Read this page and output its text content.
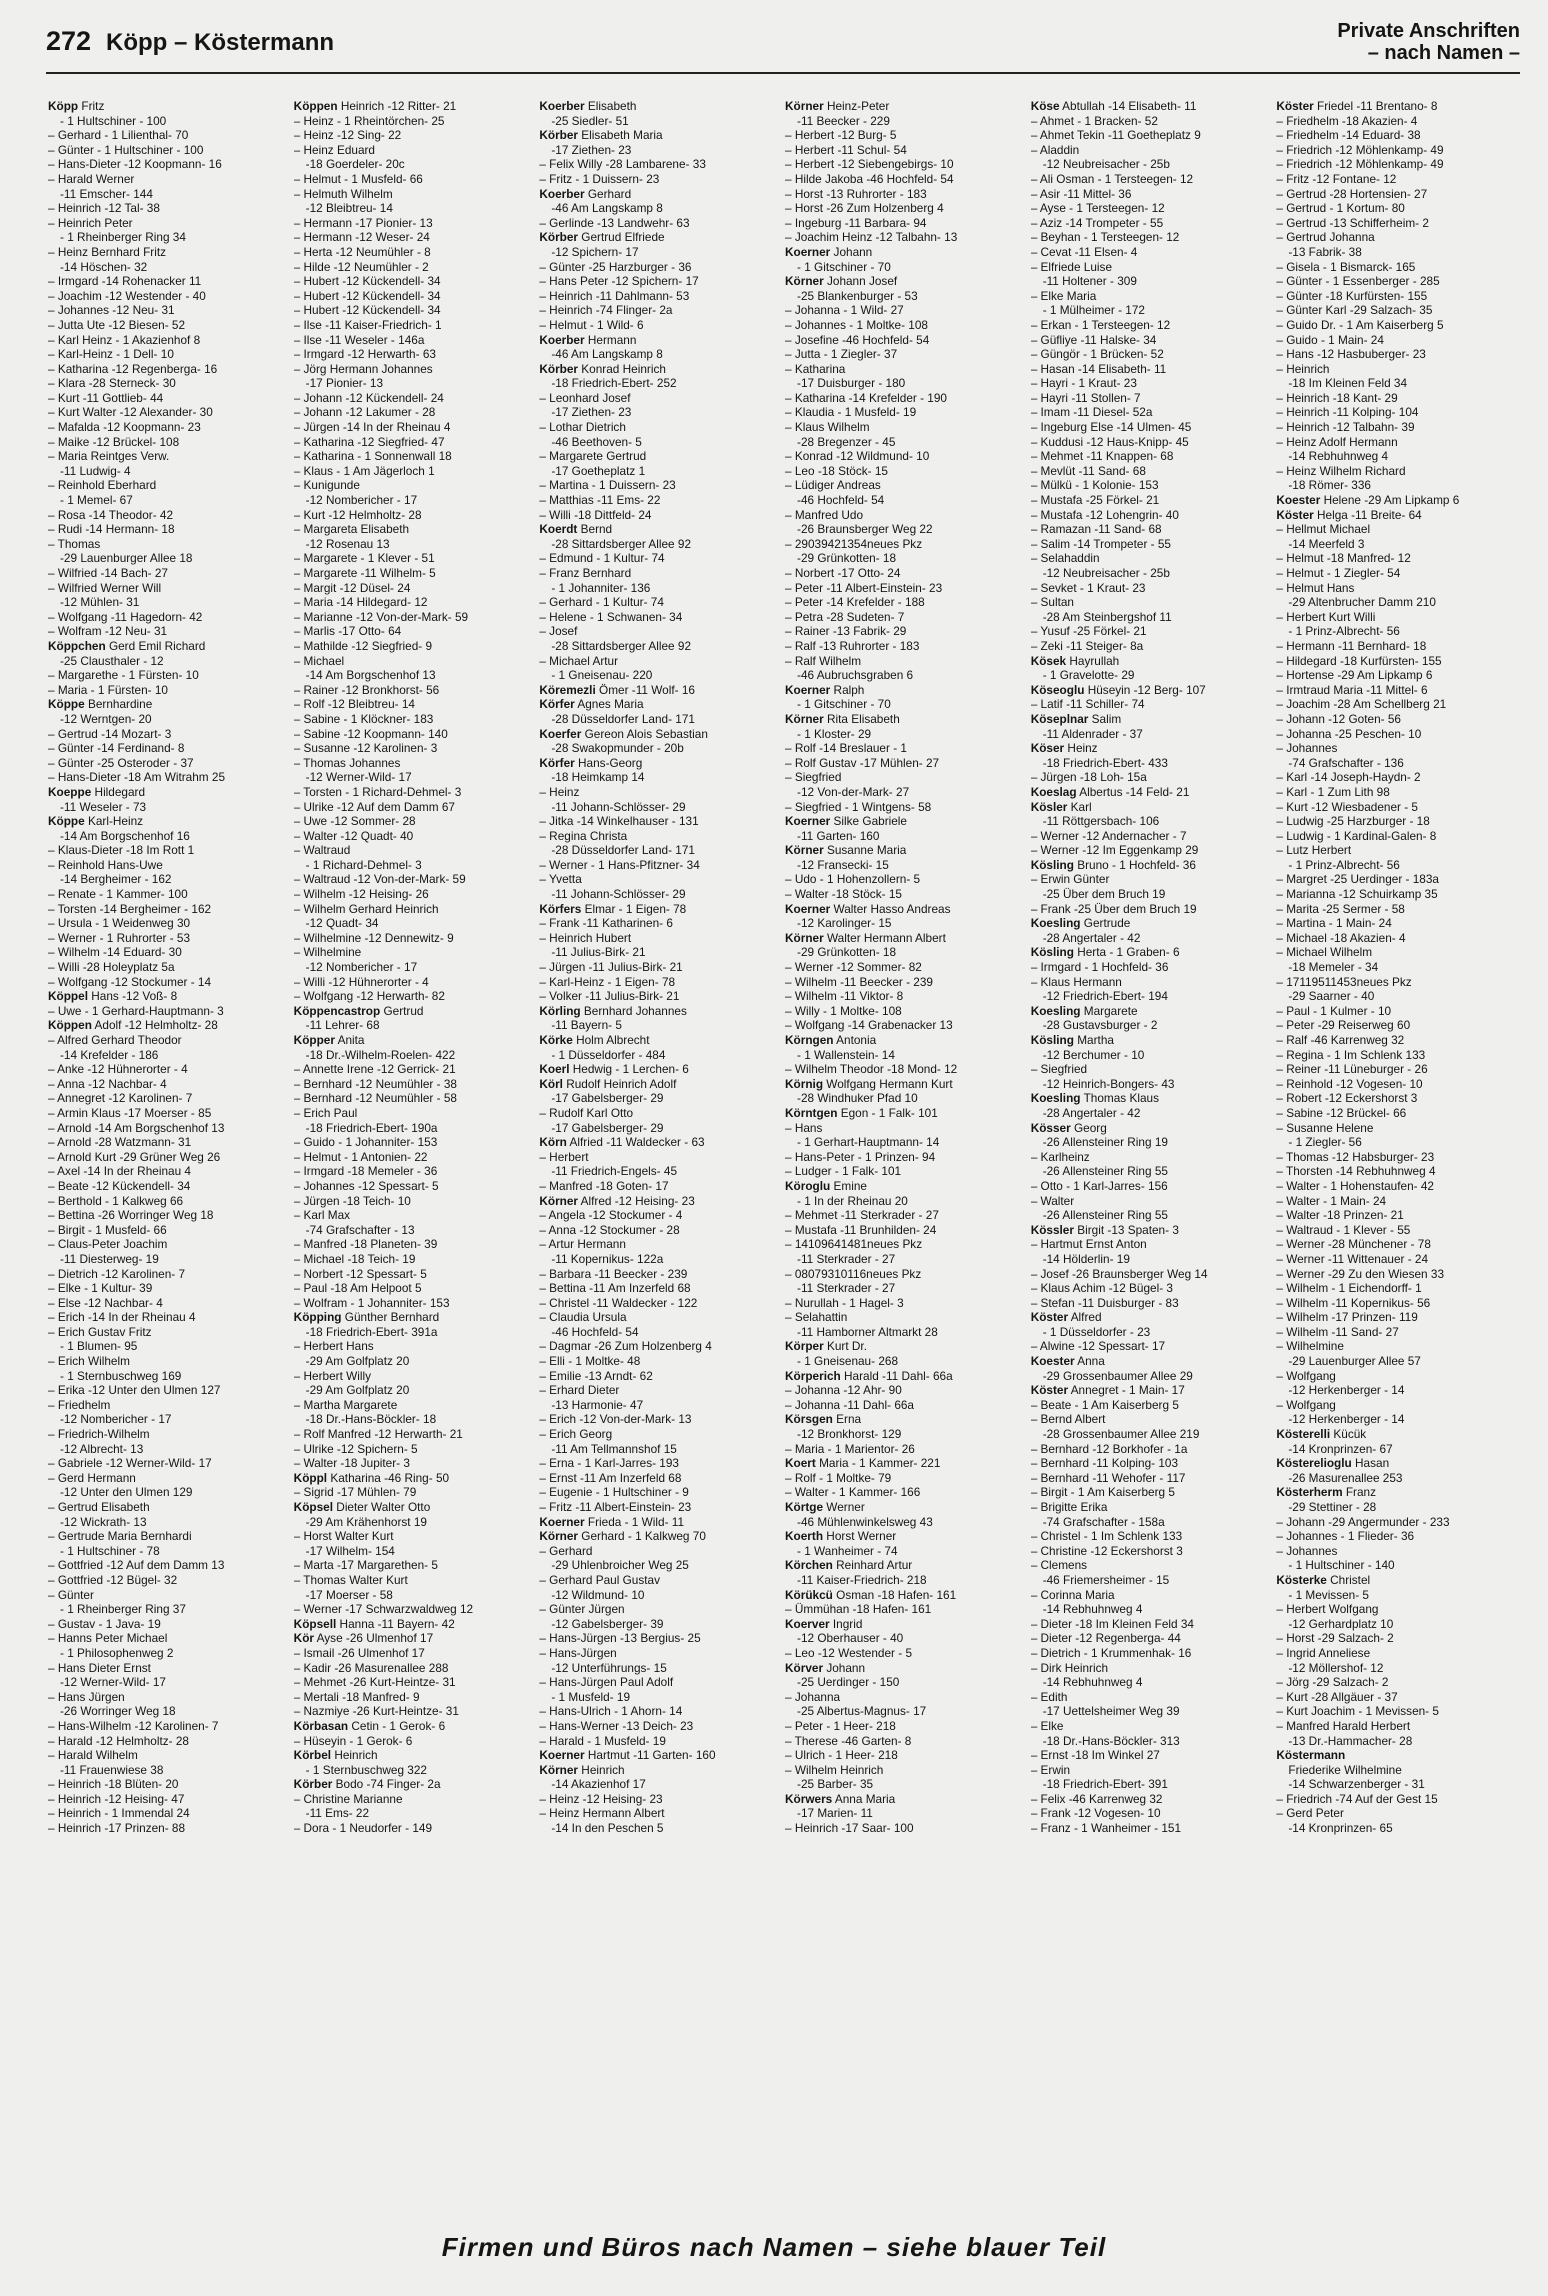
272 Köpp – Köstermann	Private Anschriften
– nach Namen –
Köpp Fritz
- 1 Hultschiner - 100
– Gerhard - 1 Lilienthal- 70
– Günter - 1 Hultschiner - 100
– Hans-Dieter -12 Koopmann- 16
– Harald Werner
-11 Emscher- 144
– Heinrich -12 Tal- 38
– Heinrich Peter
- 1 Rheinberger Ring 34
– Heinz Bernhard Fritz
-14 Höschen- 32
– Irmgard -14 Rohenacker 11
– Joachim -12 Westender - 40
– Johannes -12 Neu- 31
– Jutta Ute -12 Biesen- 52
– Karl Heinz - 1 Akazienhof 8
– Karl-Heinz - 1 Dell- 10
– Katharina -12 Regenberga- 16
– Klara -28 Sterneck- 30
– Kurt -11 Gottlieb- 44
– Kurt Walter -12 Alexander- 30
– Mafalda -12 Koopmann- 23
– Maike -12 Brückel- 108
– Maria Reintges Verw.
-11 Ludwig- 4
– Reinhold Eberhard
- 1 Memel- 67
– Rosa -14 Theodor- 42
– Rudi -14 Hermann- 18
– Thomas
-29 Lauenburger Allee 18
– Wilfried -14 Bach- 27
– Wilfried Werner Will
-12 Mühlen- 31
– Wolfgang -11 Hagedorn- 42
– Wolfram -12 Neu- 31
Köppchen Gerd Emil Richard
-25 Clausthaler - 12
– Margarethe - 1 Fürsten- 10
– Maria - 1 Fürsten- 10
Köppe Bernhardine
-12 Werntgen- 20
– Gertrud -14 Mozart- 3
– Günter -14 Ferdinand- 8
– Günter -25 Osteroder - 37
– Hans-Dieter -18 Am Witrahm 25
Koeppe Hildegard
-11 Weseler - 73
Köppe Karl-Heinz
-14 Am Borgschenhof 16
– Klaus-Dieter -18 Im Rott 1
– Reinhold Hans-Uwe
-14 Bergheimer - 162
– Renate - 1 Kammer- 100
– Torsten -14 Bergheimer - 162
– Ursula - 1 Weidenweg 30
– Werner - 1 Ruhrorter - 53
– Wilhelm -14 Eduard- 30
– Willi -28 Holeyplatz 5a
– Wolfgang -12 Stockumer - 14
Köppel Hans -12 Voß- 8
– Uwe - 1 Gerhard-Hauptmann- 3
Köppen Adolf -12 Helmholtz- 28
– Alfred Gerhard Theodor
-14 Krefelder - 186
– Anke -12 Hühnerorter - 4
– Anna -12 Nachbar- 4
– Annegret -12 Karolinen- 7
– Armin Klaus -17 Moerser - 85
– Arnold -14 Am Borgschenhof 13
– Arnold -28 Watzmann- 31
– Arnold Kurt -29 Grüner Weg 26
– Axel -14 In der Rheinau 4
– Beate -12 Kückendell- 34
– Berthold - 1 Kalkweg 66
– Bettina -26 Worringer Weg 18
– Birgit - 1 Musfeld- 66
– Claus-Peter Joachim
-11 Diesterweg- 19
– Dietrich -12 Karolinen- 7
– Elke - 1 Kultur- 39
– Else -12 Nachbar- 4
– Erich -14 In der Rheinau 4
– Erich Gustav Fritz
- 1 Blumen- 95
– Erich Wilhelm
- 1 Sternbuschweg 169
– Erika -12 Unter den Ulmen 127
– Friedhelm
-12 Nombericher - 17
– Friedrich-Wilhelm
-12 Albrecht- 13
– Gabriele -12 Werner-Wild- 17
– Gerd Hermann
-12 Unter den Ulmen 129
– Gertrud Elisabeth
-12 Wickrath- 13
– Gertrude Maria Bernhardi
- 1 Hultschiner - 78
– Gottfried -12 Auf dem Damm 13
– Gottfried -12 Bügel- 32
– Günter
- 1 Rheinberger Ring 37
– Gustav - 1 Java- 19
– Hanns Peter Michael
- 1 Philosophenweg 2
– Hans Dieter Ernst
-12 Werner-Wild- 17
– Hans Jürgen
-26 Worringer Weg 18
– Hans-Wilhelm -12 Karolinen- 7
– Harald -12 Helmholtz- 28
– Harald Wilhelm
-11 Frauenwiese 38
– Heinrich -18 Blüten- 20
– Heinrich -12 Heising- 47
– Heinrich - 1 Immendal 24
– Heinrich -17 Prinzen- 88
Köppen Heinrich -12 Ritter- 21
– Heinz - 1 Rheintörchen- 25
– Heinz -12 Sing- 22
– Heinz Eduard
-18 Goerdeler- 20c
– Helmut - 1 Musfeld- 66
– Helmuth Wilhelm
-12 Bleibtreu- 14
– Hermann -17 Pionier- 13
– Hermann -12 Weser- 24
– Herta -12 Neumühler - 8
– Hilde -12 Neumühler - 2
– Hubert -12 Kückendell- 34
– Hubert -12 Kückendell- 34
– Hubert -12 Kückendell- 34
– Ilse -11 Kaiser-Friedrich- 1
– Ilse -11 Weseler - 146a
– Irmgard -12 Herwarth- 63
– Jörg Hermann Johannes
-17 Pionier- 13
– Johann -12 Kückendell- 24
– Johann -12 Lakumer - 28
– Jürgen -14 In der Rheinau 4
– Katharina -12 Siegfried- 47
– Katharina - 1 Sonnenwall 18
– Klaus - 1 Am Jägerloch 1
– Kunigunde
-12 Nombericher - 17
– Kurt -12 Helmholtz- 28
– Margareta Elisabeth
-12 Rosenau 13
– Margarete - 1 Klever - 51
– Margarete -11 Wilhelm- 5
– Margit -12 Düsel- 24
– Maria -14 Hildegard- 12
– Marianne -12 Von-der-Mark- 59
– Marlis -17 Otto- 64
– Mathilde -12 Siegfried- 9
– Michael
-14 Am Borgschenhof 13
– Rainer -12 Bronkhorst- 56
– Rolf -12 Bleibtreu- 14
– Sabine - 1 Klöckner- 183
– Sabine -12 Koopmann- 140
– Susanne -12 Karolinen- 3
– Thomas Johannes
-12 Werner-Wild- 17
– Torsten - 1 Richard-Dehmel- 3
– Ulrike -12 Auf dem Damm 67
– Uwe -12 Sommer- 28
– Walter -12 Quadt- 40
– Waltraud
- 1 Richard-Dehmel- 3
– Waltraud -12 Von-der-Mark- 59
– Wilhelm -12 Heising- 26
– Wilhelm Gerhard Heinrich
-12 Quadt- 34
– Wilhelmine -12 Dennewitz- 9
– Wilhelmine
-12 Nombericher - 17
– Willi -12 Hühnerorter - 4
– Wolfgang -12 Herwarth- 82
Köppencastrop Gertrud
-11 Lehrer- 68
Köpper Anita
-18 Dr.-Wilhelm-Roelen- 422
– Annette Irene -12 Gerrick- 21
– Bernhard -12 Neumühler - 38
– Bernhard -12 Neumühler - 58
– Erich Paul
-18 Friedrich-Ebert- 190a
– Guido - 1 Johanniter- 153
– Helmut - 1 Antonien- 22
– Irmgard -18 Memeler - 36
– Johannes -12 Spessart- 5
– Jürgen -18 Teich- 10
– Karl Max
-74 Grafschafter - 13
– Manfred -18 Planeten- 39
– Michael -18 Teich- 19
– Norbert -12 Spessart- 5
– Paul -18 Am Helpoot 5
– Wolfram - 1 Johanniter- 153
Köpping Günther Bernhard
-18 Friedrich-Ebert- 391a
– Herbert Hans
-29 Am Golfplatz 20
– Herbert Willy
-29 Am Golfplatz 20
– Martha Margarete
-18 Dr.-Hans-Böckler- 18
– Rolf Manfred -12 Herwarth- 21
– Ulrike -12 Spichern- 5
– Walter -18 Jupiter- 3
Köppl Katharina -46 Ring- 50
– Sigrid -17 Mühlen- 79
Köpsel Dieter Walter Otto
-29 Am Krähenhorst 19
– Horst Walter Kurt
-17 Wilhelm- 154
– Marta -17 Margarethen- 5
– Thomas Walter Kurt
-17 Moerser - 58
– Werner -17 Schwarzwaldweg 12
Köpsell Hanna -11 Bayern- 42
Kör Ayse -26 Ulmenhof 17
– Ismail -26 Ulmenhof 17
– Kadir -26 Masurenallee 288
– Mehmet -26 Kurt-Heintze- 31
– Mertali -18 Manfred- 9
– Nazmiye -26 Kurt-Heintze- 31
Körbasan Cetin - 1 Gerok- 6
– Hüseyin - 1 Gerok- 6
Körbel Heinrich
- 1 Sternbuschweg 322
Körber Bodo -74 Finger- 2a
– Christine Marianne
-11 Ems- 22
– Dora - 1 Neudorfer - 149
Koerber Elisabeth
-25 Siedler- 51
Körber Elisabeth Maria
-17 Ziethen- 23
– Felix Willy -28 Lambarene- 33
– Fritz - 1 Duissern- 23
Koerber Gerhard
-46 Am Langskamp 8
– Gerlinde -13 Landwehr- 63
Körber Gertrud Elfriede
-12 Spichern- 17
– Günter -25 Harzburger - 36
– Hans Peter -12 Spichern- 17
– Heinrich -11 Dahlmann- 53
– Heinrich -74 Flinger- 2a
– Helmut - 1 Wild- 6
Koerber Hermann
-46 Am Langskamp 8
Körber Konrad Heinrich
-18 Friedrich-Ebert- 252
– Leonhard Josef
-17 Ziethen- 23
– Lothar Dietrich
-46 Beethoven- 5
– Margarete Gertrud
-17 Goetheplatz 1
– Martina - 1 Duissern- 23
– Matthias -11 Ems- 22
– Willi -18 Dittfeld- 24
Koerdt Bernd
-28 Sittardsberger Allee 92
– Edmund - 1 Kultur- 74
– Franz Bernhard
- 1 Johanniter- 136
– Gerhard - 1 Kultur- 74
– Helene - 1 Schwanen- 34
– Josef
-28 Sittardsberger Allee 92
– Michael Artur
- 1 Gneisenau- 220
Köremezli Ömer -11 Wolf- 16
Körfer Agnes Maria
-28 Düsseldorfer Land- 171
Koerfer Gereon Alois Sebastian
-28 Swakopmunder - 20b
Körfer Hans-Georg
-18 Heimkamp 14
– Heinz
-11 Johann-Schlösser- 29
– Jitka -14 Winkelhauser - 131
– Regina Christa
-28 Düsseldorfer Land- 171
– Werner - 1 Hans-Pfitzner- 34
– Yvetta
-11 Johann-Schlösser- 29
Körfers Elmar - 1 Eigen- 78
– Frank -11 Katharinen- 6
– Heinrich Hubert
-11 Julius-Birk- 21
– Jürgen -11 Julius-Birk- 21
– Karl-Heinz - 1 Eigen- 78
– Volker -11 Julius-Birk- 21
Körling Bernhard Johannes
-11 Bayern- 5
Körke Holm Albrecht
- 1 Düsseldorfer - 484
Koerl Hedwig - 1 Lerchen- 6
Körl Rudolf Heinrich Adolf
-17 Gabelsberger- 29
– Rudolf Karl Otto
-17 Gabelsberger- 29
Körn Alfried -11 Waldecker - 63
– Herbert
-11 Friedrich-Engels- 45
– Manfred -18 Goten- 17
Körner Alfred -12 Heising- 23
– Angela -12 Stockumer - 4
– Anna -12 Stockumer - 28
– Artur Hermann
-11 Kopernikus- 122a
– Barbara -11 Beecker - 239
– Bettina -11 Am Inzerfeld 68
– Christel -11 Waldecker - 122
– Claudia Ursula
-46 Hochfeld- 54
– Dagmar -26 Zum Holzenberg 4
– Elli - 1 Moltke- 48
– Emilie -13 Arndt- 62
– Erhard Dieter
-13 Harmonie- 47
– Erich -12 Von-der-Mark- 13
– Erich Georg
-11 Am Tellmannshof 15
– Erna - 1 Karl-Jarres- 193
– Ernst -11 Am Inzerfeld 68
– Eugenie - 1 Hultschiner - 9
– Fritz -11 Albert-Einstein- 23
Koerner Frieda - 1 Wild- 11
Körner Gerhard - 1 Kalkweg 70
– Gerhard
-29 Uhlenbroicher Weg 25
– Gerhard Paul Gustav
-12 Wildmund- 10
– Günter Jürgen
-12 Gabelsberger- 39
– Hans-Jürgen -13 Bergius- 25
– Hans-Jürgen
-12 Unterführungs- 15
– Hans-Jürgen Paul Adolf
- 1 Musfeld- 19
– Hans-Ulrich - 1 Ahorn- 14
– Hans-Werner -13 Deich- 23
– Harald - 1 Musfeld- 19
Koerner Hartmut -11 Garten- 160
Körner Heinrich
-14 Akazienhof 17
– Heinz -12 Heising- 23
– Heinz Hermann Albert
-14 In den Peschen 5
Körner Heinz-Peter
-11 Beecker - 229
– Herbert -12 Burg- 5
– Herbert -11 Schul- 54
– Herbert -12 Siebengebirgs- 10
– Hilde Jakoba -46 Hochfeld- 54
– Horst -13 Ruhrorter - 183
– Horst -26 Zum Holzenberg 4
– Ingeburg -11 Barbara- 94
– Joachim Heinz -12 Talbahn- 13
Koerner Johann
- 1 Gitschiner - 70
Körner Johann Josef
-25 Blankenburger - 53
– Johanna - 1 Wild- 27
– Johannes - 1 Moltke- 108
– Josefine -46 Hochfeld- 54
– Jutta - 1 Ziegler- 37
– Katharina
-17 Duisburger - 180
– Katharina -14 Krefelder - 190
– Klaudia - 1 Musfeld- 19
– Klaus Wilhelm
-28 Bregenzer - 45
– Konrad -12 Wildmund- 10
– Leo -18 Stöck- 15
– Lüdiger Andreas
-46 Hochfeld- 54
– Manfred Udo
-26 Braunsberger Weg 22
– 29039421354neues Pkz
-29 Grünkotten- 18
– Norbert -17 Otto- 24
– Peter -11 Albert-Einstein- 23
– Peter -14 Krefelder - 188
– Petra -28 Sudeten- 7
– Rainer -13 Fabrik- 29
– Ralf -13 Ruhrorter - 183
– Ralf Wilhelm
-46 Aubruchsgraben 6
Koerner Ralph
- 1 Gitschiner - 70
Körner Rita Elisabeth
- 1 Kloster- 29
– Rolf -14 Breslauer - 1
– Rolf Gustav -17 Mühlen- 27
– Siegfried
-12 Von-der-Mark- 27
– Siegfried - 1 Wintgens- 58
Koerner Silke Gabriele
-11 Garten- 160
Körner Susanne Maria
-12 Fransecki- 15
– Udo - 1 Hohenzollern- 5
– Walter -18 Stöck- 15
Koerner Walter Hasso Andreas
-12 Karolinger- 15
Körner Walter Hermann Albert
-29 Grünkotten- 18
– Werner -12 Sommer- 82
– Wilhelm -11 Beecker - 239
– Wilhelm -11 Viktor- 8
– Willy - 1 Moltke- 108
– Wolfgang -14 Grabenacker 13
Körngen Antonia
- 1 Wallenstein- 14
– Wilhelm Theodor -18 Mond- 12
Körnig Wolfgang Hermann Kurt
-28 Windhuker Pfad 10
Körntgen Egon - 1 Falk- 101
– Hans
- 1 Gerhart-Hauptmann- 14
– Hans-Peter - 1 Prinzen- 94
– Ludger - 1 Falk- 101
Köroglu Emine
- 1 In der Rheinau 20
– Mehmet -11 Sterkrader - 27
– Mustafa -11 Brunhilden- 24
– 14109641481neues Pkz
-11 Sterkrader - 27
– 08079310116neues Pkz
-11 Sterkrader - 27
– Nurullah - 1 Hagel- 3
– Selahattin
-11 Hamborner Altmarkt 28
Körper Kurt Dr.
- 1 Gneisenau- 268
Körperich Harald -11 Dahl- 66a
– Johanna -12 Ahr- 90
– Johanna -11 Dahl- 66a
Körsgen Erna
-12 Bronkhorst- 129
– Maria - 1 Marientor- 26
Koert Maria - 1 Kammer- 221
– Rolf - 1 Moltke- 79
– Walter - 1 Kammer- 166
Körtge Werner
-46 Mühlenwinkelsweg 43
Koerth Horst Werner
- 1 Wanheimer - 74
Körchen Reinhard Artur
-11 Kaiser-Friedrich- 218
Körükcü Osman -18 Hafen- 161
– Ümmühan -18 Hafen- 161
Koerver Ingrid
-12 Oberhauser - 40
– Leo -12 Westender - 5
Körver Johann
-25 Uerdinger - 150
– Johanna
-25 Albertus-Magnus- 17
– Peter - 1 Heer- 218
– Therese -46 Garten- 8
– Ulrich - 1 Heer- 218
– Wilhelm Heinrich
-25 Barber- 35
Körwers Anna Maria
-17 Marien- 11
– Heinrich -17 Saar- 100
Köse Abtullah -14 Elisabeth- 11
– Ahmet - 1 Bracken- 52
– Ahmet Tekin -11 Goetheplatz 9
– Aladdin
-12 Neubreisacher - 25b
– Ali Osman - 1 Tersteegen- 12
– Asir -11 Mittel- 36
– Ayse - 1 Tersteegen- 12
– Aziz -14 Trompeter - 55
– Beyhan - 1 Tersteegen- 12
– Cevat -11 Elsen- 4
– Elfriede Luise
-11 Holtener - 309
– Elke Maria
- 1 Mülheimer - 172
– Erkan - 1 Tersteegen- 12
– Güfliye -11 Halske- 34
– Güngör - 1 Brücken- 52
– Hasan -14 Elisabeth- 11
– Hayri - 1 Kraut- 23
– Hayri -11 Stollen- 7
– Imam -11 Diesel- 52a
– Ingeburg Else -14 Ulmen- 45
– Kuddusi -12 Haus-Knipp- 45
– Mehmet -11 Knappen- 68
– Mevlüt -11 Sand- 68
– Mülkü - 1 Kolonie- 153
– Mustafa -25 Förkel- 21
– Mustafa -12 Lohengrin- 40
– Ramazan -11 Sand- 68
– Salim -14 Trompeter - 55
– Selahaddin
-12 Neubreisacher - 25b
– Sevket - 1 Kraut- 23
– Sultan
-28 Am Steinbergshof 11
– Yusuf -25 Förkel- 21
– Zeki -11 Steiger- 8a
Kösek Hayrullah
- 1 Gravelotte- 29
Köseoglu Hüseyin -12 Berg- 107
– Latif -11 Schiller- 74
Köseplnar Salim
-11 Aldenrader - 37
Köser Heinz
-18 Friedrich-Ebert- 433
– Jürgen -18 Loh- 15a
Koeslag Albertus -14 Feld- 21
Kösler Karl
-11 Röttgersbach- 106
– Werner -12 Andernacher - 7
– Werner -12 Im Eggenkamp 29
Kösling Bruno - 1 Hochfeld- 36
– Erwin Günter
-25 Über dem Bruch 19
– Frank -25 Über dem Bruch 19
Koesling Gertrude
-28 Angertaler - 42
Kösling Herta - 1 Graben- 6
– Irmgard - 1 Hochfeld- 36
– Klaus Hermann
-12 Friedrich-Ebert- 194
Koesling Margarete
-28 Gustavsburger - 2
Kösling Martha
-12 Berchumer - 10
– Siegfried
-12 Heinrich-Bongers- 43
Koesling Thomas Klaus
-28 Angertaler - 42
Kösser Georg
-26 Allensteiner Ring 19
– Karlheinz
-26 Allensteiner Ring 55
– Otto - 1 Karl-Jarres- 156
– Walter
-26 Allensteiner Ring 55
Kössler Birgit -13 Spaten- 3
– Hartmut Ernst Anton
-14 Hölderlin- 19
– Josef -26 Braunsberger Weg 14
– Klaus Achim -12 Bügel- 3
– Stefan -11 Duisburger - 83
Köster Alfred
- 1 Düsseldorfer - 23
– Alwine -12 Spessart- 17
Koester Anna
-29 Grossenbaumer Allee 29
Köster Annegret - 1 Main- 17
– Beate - 1 Am Kaiserberg 5
– Bernd Albert
-28 Grossenbaumer Allee 219
– Bernhard -12 Borkhofer - 1a
– Bernhard -11 Kolping- 103
– Bernhard -11 Wehofer - 117
– Birgit - 1 Am Kaiserberg 5
– Brigitte Erika
-74 Grafschafter - 158a
– Christel - 1 Im Schlenk 133
– Christine -12 Eckershorst 3
– Clemens
-46 Friemersheimer - 15
– Corinna Maria
-14 Rebhuhnweg 4
– Dieter -18 Im Kleinen Feld 34
– Dieter -12 Regenberga- 44
– Dietrich - 1 Krummenhak- 16
– Dirk Heinrich
-14 Rebhuhnweg 4
– Edith
-17 Uettelsheimer Weg 39
– Elke
-18 Dr.-Hans-Böckler- 313
– Ernst -18 Im Winkel 27
– Erwin
-18 Friedrich-Ebert- 391
– Felix -46 Karrenweg 32
– Frank -12 Vogesen- 10
– Franz - 1 Wanheimer - 151
Köster Friedel -11 Brentano- 8
– Friedhelm -18 Akazien- 4
– Friedhelm -14 Eduard- 38
– Friedrich -12 Möhlenkamp- 49
– Friedrich -12 Möhlenkamp- 49
– Fritz -12 Fontane- 12
– Gertrud -28 Hortensien- 27
– Gertrud - 1 Kortum- 80
– Gertrud -13 Schifferheim- 2
– Gertrud Johanna
-13 Fabrik- 38
– Gisela - 1 Bismarck- 165
– Günter - 1 Essenberger - 285
– Günter -18 Kurfürsten- 155
– Günter Karl -29 Salzach- 35
– Guido Dr. - 1 Am Kaiserberg 5
– Guido - 1 Main- 24
– Hans -12 Hasbuberger- 23
– Heinrich
-18 Im Kleinen Feld 34
– Heinrich -18 Kant- 29
– Heinrich -11 Kolping- 104
– Heinrich -12 Talbahn- 39
– Heinz Adolf Hermann
-14 Rebhuhnweg 4
– Heinz Wilhelm Richard
-18 Römer- 336
Koester Helene -29 Am Lipkamp 6
Köster Helga -11 Breite- 64
– Hellmut Michael
-14 Meerfeld 3
– Helmut -18 Manfred- 12
– Helmut - 1 Ziegler- 54
– Helmut Hans
-29 Altenbrucher Damm 210
– Herbert Kurt Willi
- 1 Prinz-Albrecht- 56
– Hermann -11 Bernhard- 18
– Hildegard -18 Kurfürsten- 155
– Hortense -29 Am Lipkamp 6
– Irmtraud Maria -11 Mittel- 6
– Joachim -28 Am Schellberg 21
– Johann -12 Goten- 56
– Johanna -25 Peschen- 10
– Johannes
-74 Grafschafter - 136
– Karl -14 Joseph-Haydn- 2
– Karl - 1 Zum Lith 98
– Kurt -12 Wiesbadener - 5
– Ludwig -25 Harzburger - 18
– Ludwig - 1 Kardinal-Galen- 8
– Lutz Herbert
- 1 Prinz-Albrecht- 56
– Margret -25 Uerdinger - 183a
– Marianna -12 Schuirkamp 35
– Marita -25 Sermer - 58
– Martina - 1 Main- 24
– Michael -18 Akazien- 4
– Michael Wilhelm
-18 Memeler - 34
– 17119511453neues Pkz
-29 Saarner - 40
– Paul - 1 Kulmer - 10
– Peter -29 Reiserweg 60
– Ralf -46 Karrenweg 32
– Regina - 1 Im Schlenk 133
– Reiner -11 Lüneburger - 26
– Reinhold -12 Vogesen- 10
– Robert -12 Eckershorst 3
– Sabine -12 Brückel- 66
– Susanne Helene
- 1 Ziegler- 56
– Thomas -12 Habsburger- 23
– Thorsten -14 Rebhuhnweg 4
– Walter - 1 Hohenstaufen- 42
– Walter - 1 Main- 24
– Walter -18 Prinzen- 21
– Waltraud - 1 Klever - 55
– Werner -28 Münchener - 78
– Werner -11 Wittenauer - 24
– Werner -29 Zu den Wiesen 33
– Wilhelm - 1 Eichendorff- 1
– Wilhelm -11 Kopernikus- 56
– Wilhelm -17 Prinzen- 119
– Wilhelm -11 Sand- 27
– Wilhelmine
-29 Lauenburger Allee 57
– Wolfgang
-12 Herkenberger - 14
– Wolfgang
-12 Herkenberger - 14
Kösterelli Kücük
-14 Kronprinzen- 67
Kösterelioglu Hasan
-26 Masurenallee 253
Kösterherm Franz
-29 Stettiner - 28
– Johann -29 Angermunder - 233
– Johannes - 1 Flieder- 36
– Johannes
- 1 Hultschiner - 140
Kösterke Christel
- 1 Mevissen- 5
– Herbert Wolfgang
-12 Gerhardplatz 10
– Horst -29 Salzach- 2
– Ingrid Anneliese
-12 Möllershof- 12
– Jörg -29 Salzach- 2
– Kurt -28 Allgäuer - 37
– Kurt Joachim - 1 Mevissen- 5
– Manfred Harald Herbert
-13 Dr.-Hammacher- 28
Köstermann
Friederike Wilhelmine
-14 Schwarzenberger - 31
– Friedrich -74 Auf der Gest 15
– Gerd Peter
-14 Kronprinzen- 65
Firmen und Büros nach Namen – siehe blauer Teil
